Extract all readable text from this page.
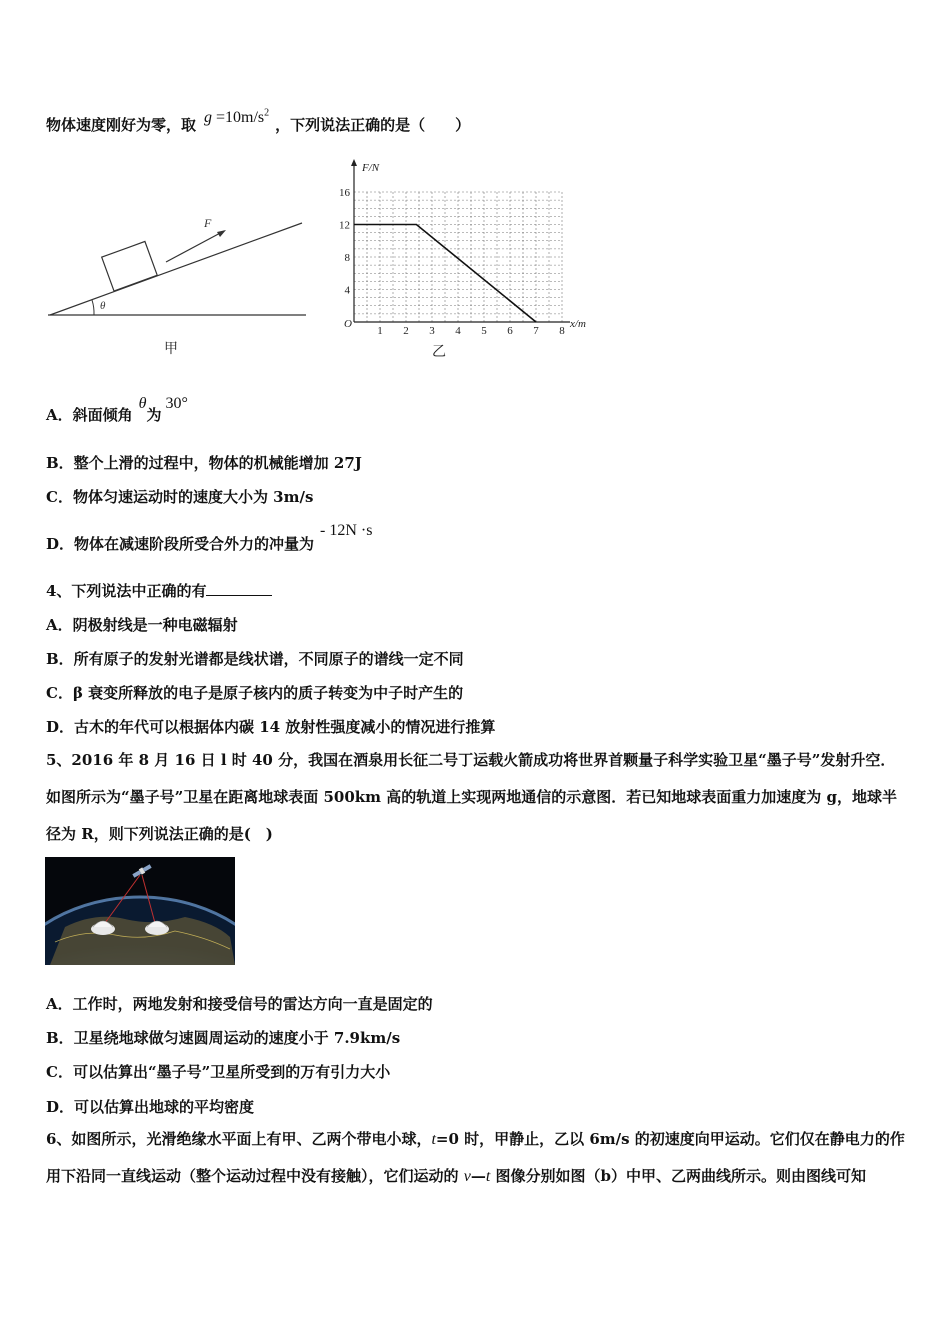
物体速度刚好为零，取 $g =10m/s^2$，下列说法正确的是（　　）
F
θ
甲
16
12
8
4
1 2 3 4 5 6 7 8
F/N
x/m
O
乙
A．斜面倾角θ为30°
B．整个上滑的过程中，物体的机械能增加 27J
C．物体匀速运动时的速度大小为 3m/s
D．物体在减速阶段所受合外力的冲量为- 12N ·s
4、下列说法中正确的有
A．阴极射线是一种电磁辐射
B．所有原子的发射光谱都是线状谱，不同原子的谱线一定不同
C．β 衰变所释放的电子是原子核内的质子转变为中子时产生的
D．古木的年代可以根据体内碳 14 放射性强度减小的情况进行推算
5、2016 年 8 月 16 日 l 时 40 分，我国在酒泉用长征二号丁运载火箭成功将世界首颗量子科学实验卫星“墨子号”发射升空．如图所示为“墨子号”卫星在距离地球表面 500km 高的轨道上实现两地通信的示意图．若已知地球表面重力加速度为 g，地球半径为 R，则下列说法正确的是(　)
A．工作时，两地发射和接受信号的雷达方向一直是固定的
B．卫星绕地球做匀速圆周运动的速度小于 7.9km/s
C．可以估算出“墨子号”卫星所受到的万有引力大小
D．可以估算出地球的平均密度
6、如图所示，光滑绝缘水平面上有甲、乙两个带电小球，t=0 时，甲静止，乙以 6m/s 的初速度向甲运动。它们仅在静电力的作用下沿同一直线运动（整个运动过程中没有接触），它们运动的 v—t 图像分别如图（b）中甲、乙两曲线所示。则由图线可知
